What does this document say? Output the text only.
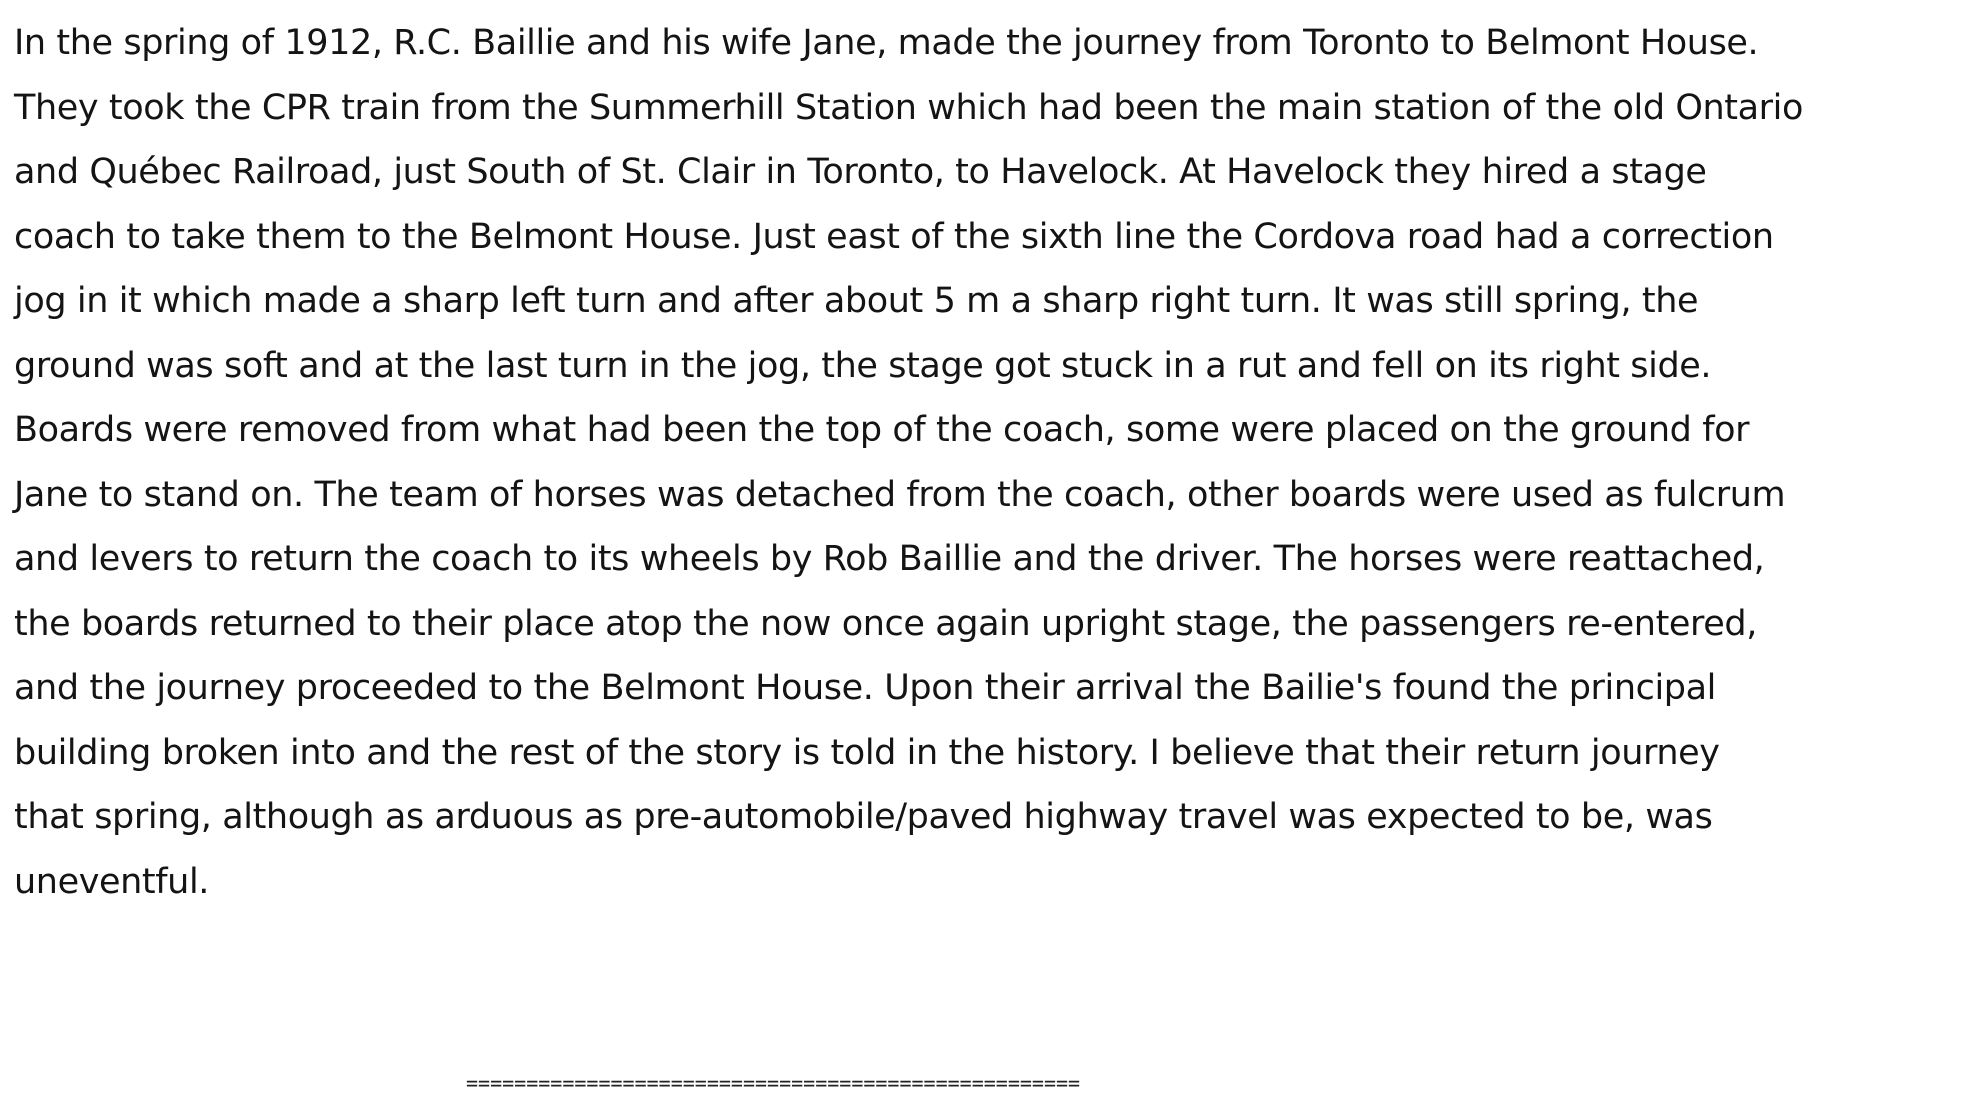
In the spring of 1912, R.C. Baillie and his wife Jane, made the journey from Toronto to Belmont House.
They took the CPR train from the Summerhill Station which had been the main station of the old Ontario
and Québec Railroad, just South of St. Clair in Toronto, to Havelock. At Havelock they hired a stage
coach to take them to the Belmont House. Just east of the sixth line the Cordova road had a correction
jog in it which made a sharp left turn and after about 5 m a sharp right turn. It was still spring, the
ground was soft and at the last turn in the jog, the stage got stuck in a rut and fell on its right side.
Boards were removed from what had been the top of the coach, some were placed on the ground for
Jane to stand on. The team of horses was detached from the coach, other boards were used as fulcrum
and levers to return the coach to its wheels by Rob Baillie and the driver. The horses were reattached,
the boards returned to their place atop the now once again upright stage, the passengers re-entered,
and the journey proceeded to the Belmont House. Upon their arrival the Bailie's found the principal
building broken into and the rest of the story is told in the history. I believe that their return journey
that spring, although as arduous as pre-automobile/paved highway travel was expected to be, was
uneventful.
===================================================
